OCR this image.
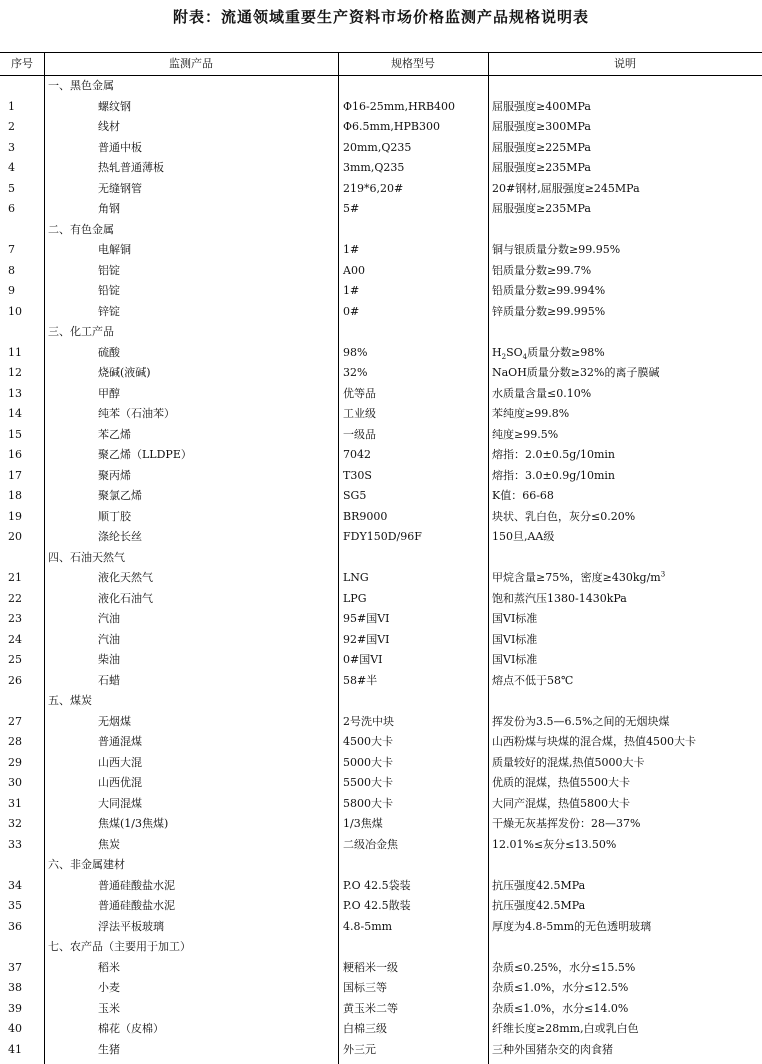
附表：流通领域重要生产资料市场价格监测产品规格说明表
序号	监测产品	规格型号	说明
一、黑色金属
1	螺纹钢	Φ16-25mm,HRB400	屈服强度≥400MPa
2	线材	Φ6.5mm,HPB300	屈服强度≥300MPa
3	普通中板	20mm,Q235	屈服强度≥225MPa
4	热轧普通薄板	3mm,Q235	屈服强度≥235MPa
5	无缝钢管	219*6,20#	20#钢材,屈服强度≥245MPa
6	角钢	5#	屈服强度≥235MPa
二、有色金属
7	电解铜	1#	铜与银质量分数≥99.95%
8	铝锭	A00	铝质量分数≥99.7%
9	铅锭	1#	铅质量分数≥99.994%
10	锌锭	0#	锌质量分数≥99.995%
三、化工产品
11	硫酸	98%	$H_2SO_4$质量分数≥98%
12	烧碱(液碱)	32%	NaOH质量分数≥32%的离子膜碱
13	甲醇	优等品	水质量含量≤0.10%
14	纯苯（石油苯）	工业级	苯纯度≥99.8%
15	苯乙烯	一级品	纯度≥99.5%
16	聚乙烯（LLDPE）	7042	熔指：2.0±0.5g/10min
17	聚丙烯	T30S	熔指：3.0±0.9g/10min
18	聚氯乙烯	SG5	K值：66-68
19	顺丁胶	BR9000	块状、乳白色，灰分≤0.20%
20	涤纶长丝	FDY150D/96F	150旦,AA级
四、石油天然气
21	液化天然气	LNG	甲烷含量≥75%，密度$\ge 430kg/m^3$
22	液化石油气	LPG	饱和蒸汽压1380-1430kPa
23	汽油	95#国VI	国VI标准
24	汽油	92#国VI	国VI标准
25	柴油	0#国VI	国VI标准
26	石蜡	58#半	熔点不低于58℃
五、煤炭
27	无烟煤	2号洗中块	挥发份为3.5—6.5%之间的无烟块煤
28	普通混煤	4500大卡	山西粉煤与块煤的混合煤，热值4500大卡
29	山西大混	5000大卡	质量较好的混煤,热值5000大卡
30	山西优混	5500大卡	优质的混煤，热值5500大卡
31	大同混煤	5800大卡	大同产混煤，热值5800大卡
32	焦煤(1/3焦煤)	1/3焦煤	干燥无灰基挥发份：28—37%
33	焦炭	二级冶金焦	12.01%≤灰分≤13.50%
六、非金属建材
34	普通硅酸盐水泥	P.O 42.5袋装	抗压强度42.5MPa
35	普通硅酸盐水泥	P.O 42.5散装	抗压强度42.5MPa
36	浮法平板玻璃	4.8-5mm	厚度为4.8-5mm的无色透明玻璃
七、农产品（主要用于加工）
37	稻米	粳稻米一级	杂质≤0.25%，水分≤15.5%
38	小麦	国标三等	杂质≤1.0%，水分≤12.5%
39	玉米	黄玉米二等	杂质≤1.0%，水分≤14.0%
40	棉花（皮棉）	白棉三级	纤维长度≥28mm,白或乳白色
41	生猪	外三元	三种外国猪杂交的肉食猪
